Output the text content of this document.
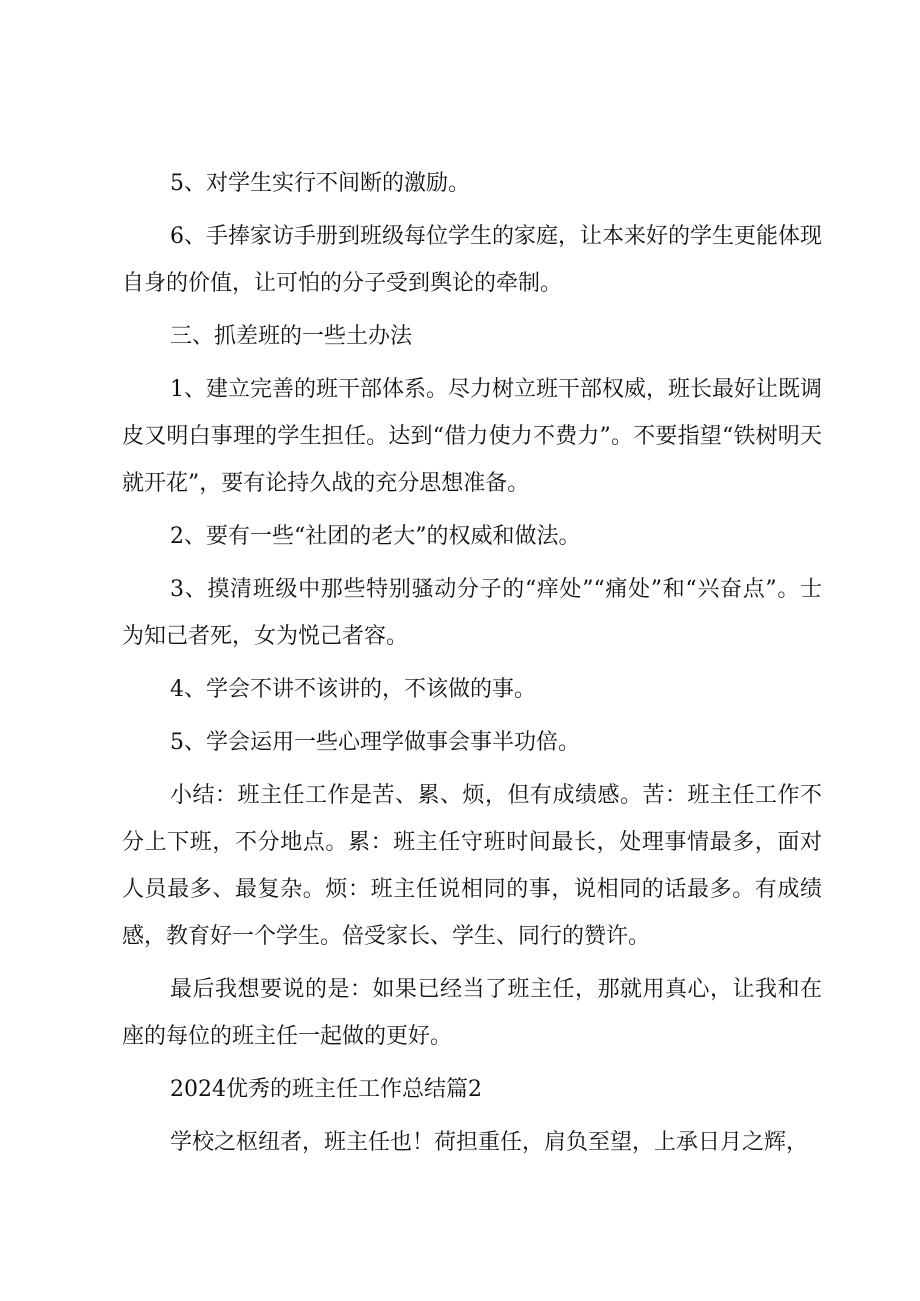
5、对学生实行不间断的激励。

6、手捧家访手册到班级每位学生的家庭，让本来好的学生更能体现自身的价值，让可怕的分子受到舆论的牵制。

三、抓差班的一些土办法

1、建立完善的班干部体系。尽力树立班干部权威，班长最好让既调皮又明白事理的学生担任。达到“借力使力不费力”。不要指望“铁树明天就开花”，要有论持久战的充分思想准备。

2、要有一些“社团的老大”的权威和做法。

3、摸清班级中那些特别骚动分子的“痒处”“痛处”和“兴奋点”。士为知己者死，女为悦己者容。

4、学会不讲不该讲的，不该做的事。

5、学会运用一些心理学做事会事半功倍。

小结：班主任工作是苦、累、烦，但有成绩感。苦：班主任工作不分上下班，不分地点。累：班主任守班时间最长，处理事情最多，面对人员最多、最复杂。烦：班主任说相同的事，说相同的话最多。有成绩感，教育好一个学生。倍受家长、学生、同行的赞许。

最后我想要说的是：如果已经当了班主任，那就用真心，让我和在座的每位的班主任一起做的更好。

2024优秀的班主任工作总结篇2

学校之枢纽者，班主任也！荷担重任，肩负至望，上承日月之辉，
